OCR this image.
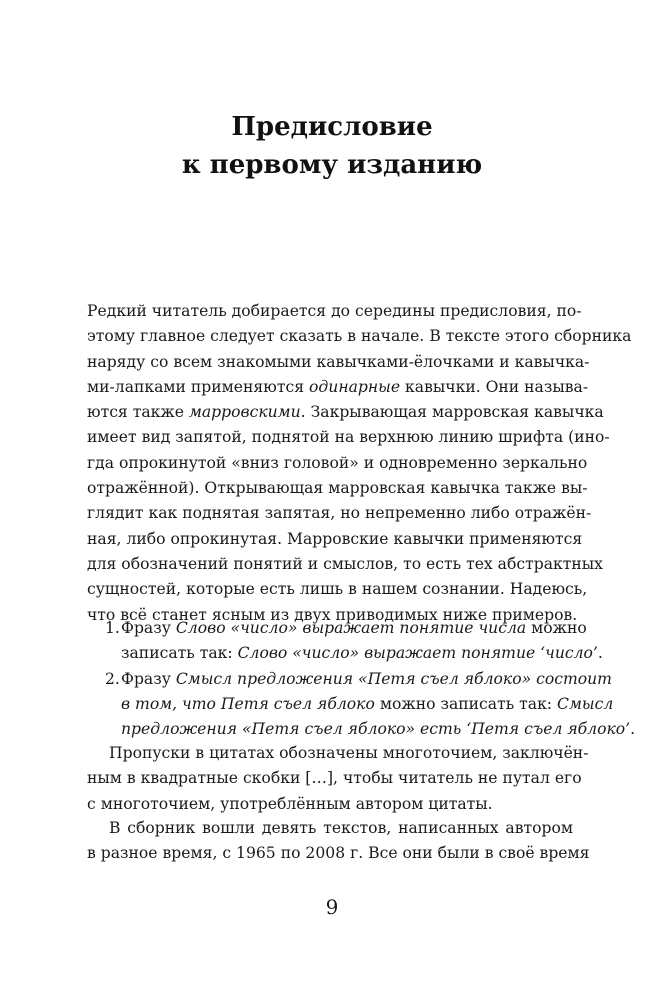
Предисловие
к первому изданию
Редкий читатель добирается до середины предисловия, по-
этому главное следует сказать в начале. В тексте этого сборника
наряду со всем знакомыми кавычками-ёлочками и кавычка-
ми-лапками применяются одинарные кавычки. Они называ-
ются также марровскими. Закрывающая марровская кавычка
имеет вид запятой, поднятой на верхнюю линию шрифта (ино-
гда опрокинутой «вниз головой» и одновременно зеркально
отражённой). Открывающая марровская кавычка также вы-
глядит как поднятая запятая, но непременно либо отражён-
ная, либо опрокинутая. Марровские кавычки применяются
для обозначений понятий и смыслов, то есть тех абстрактных
сущностей, которые есть лишь в нашем сознании. Надеюсь,
что всё станет ясным из двух приводимых ниже примеров.
1. Фразу Слово «число» выражает понятие числа можно
записать так: Слово «число» выражает понятие ‘число’.
2. Фразу Смысл предложения «Петя съел яблоко» состоит
в том, что Петя съел яблоко можно записать так: Смысл
предложения «Петя съел яблоко» есть ‘Петя съел яблоко’.
Пропуски в цитатах обозначены многоточием, заключён-
ным в квадратные скобки […], чтобы читатель не путал его
с многоточием, употреблённым автором цитаты.
В сборник вошли девять текстов, написанных автором
в разное время, с 1965 по 2008 г. Все они были в своё время
9
